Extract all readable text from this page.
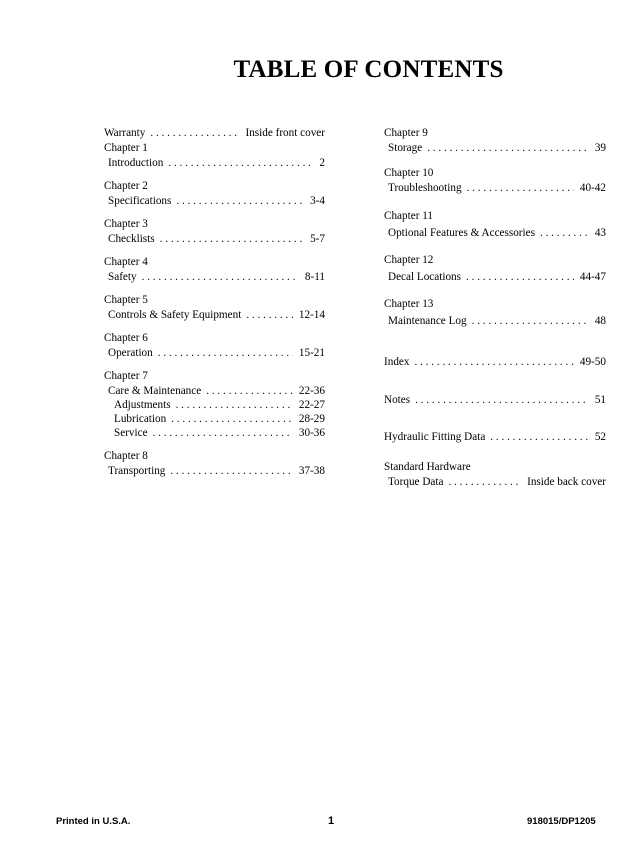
TABLE OF CONTENTS
Warranty . . .	Inside front cover
Chapter 1
Introduction . . .	2
Chapter 2
Specifications . . .	3-4
Chapter 3
Checklists . . .	5-7
Chapter 4
Safety . . .	8-11
Chapter 5
Controls & Safety Equipment . . .	12-14
Chapter 6
Operation . . .	15-21
Chapter 7
Care & Maintenance . . .	22-36
Adjustments . . .	22-27
Lubrication . . .	28-29
Service . . .	30-36
Chapter 8
Transporting . . .	37-38
Chapter 9
Storage . . .	39
Chapter 10
Troubleshooting . . .	40-42
Chapter 11
Optional Features & Accessories . . .	43
Chapter 12
Decal Locations . . .	44-47
Chapter 13
Maintenance Log . . .	48
Index . . .	49-50
Notes . . .	51
Hydraulic Fitting Data . . .	52
Standard Hardware
Torque Data . . .	Inside back cover
Printed in U.S.A.	1	918015/DP1205
